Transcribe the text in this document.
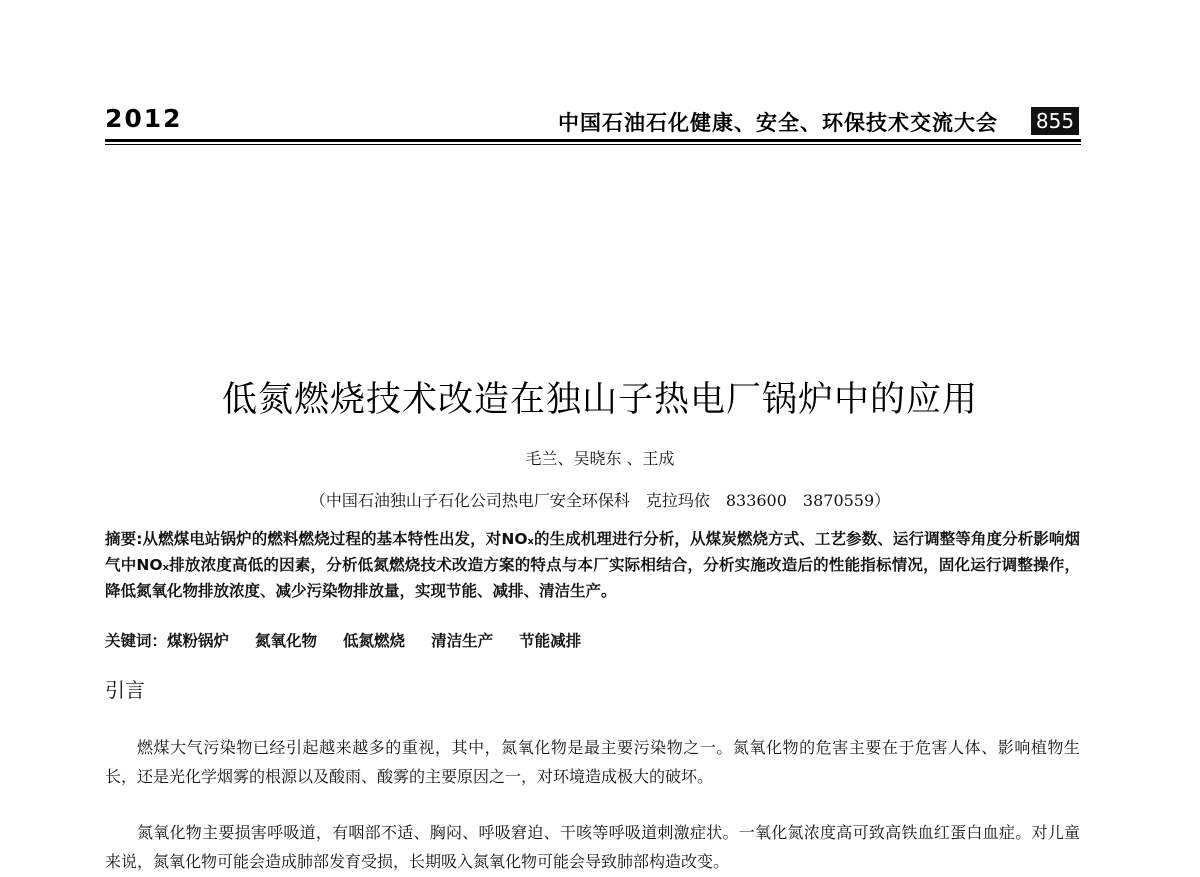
2012	中国石油石化健康、安全、环保技术交流大会 855
低氮燃烧技术改造在独山子热电厂锅炉中的应用
毛兰、吴晓东 、王成
（中国石油独山子石化公司热电厂安全环保科　克拉玛依　833600　3870559）
摘要:从燃煤电站锅炉的燃料燃烧过程的基本特性出发，对NOₓ的生成机理进行分析，从煤炭燃烧方式、工艺参数、运行调整等角度分析影响烟气中NOₓ排放浓度高低的因素，分析低氮燃烧技术改造方案的特点与本厂实际相结合，分析实施改造后的性能指标情况，固化运行调整操作，降低氮氧化物排放浓度、减少污染物排放量，实现节能、减排、清洁生产。
关键词：煤粉锅炉 氮氧化物 低氮燃烧 清洁生产 节能减排
引言
燃煤大气污染物已经引起越来越多的重视，其中，氮氧化物是最主要污染物之一。氮氧化物的危害主要在于危害人体、影响植物生长，还是光化学烟雾的根源以及酸雨、酸雾的主要原因之一，对环境造成极大的破坏。
氮氧化物主要损害呼吸道，有咽部不适、胸闷、呼吸窘迫、干咳等呼吸道刺激症状。一氧化氮浓度高可致高铁血红蛋白血症。对儿童来说，氮氧化物可能会造成肺部发育受损，长期吸入氮氧化物可能会导致肺部构造改变。
